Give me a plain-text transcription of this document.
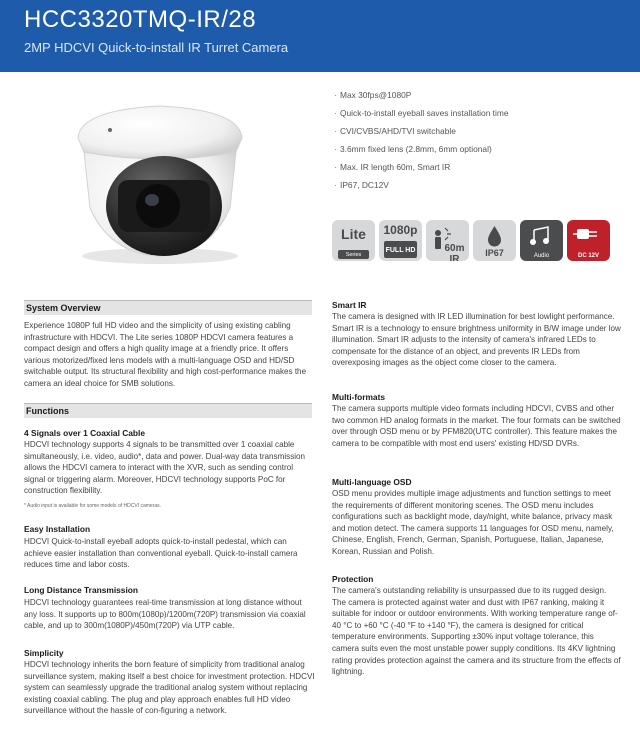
HCC3320TMQ-IR/28
2MP HDCVI Quick-to-install IR Turret Camera
· Max 30fps@1080P
· Quick-to-install eyeball saves installation time
· CVI/CVBS/AHD/TVI switchable
· 3.6mm fixed lens (2.8mm, 6mm optional)
· Max. IR length 60m, Smart IR
· IP67, DC12V
Lite
Series
1080p
FULL HD	60m IR
IP67	Audio	DC 12V
System Overview

Experience 1080P full HD video and the simplicity of using existing cabling infrastructure with HDCVI. The Lite series 1080P HDCVI camera features a compact design and offers a high quality image at a friendly price. It offers various motorized/fixed lens models with a multi-language OSD and HD/SD switchable output. Its structural flexibility and high cost-performance makes the camera an ideal choice for SMB solutions.

Functions
4 Signals over 1 Coaxial Cable

HDCVI technology supports 4 signals to be transmitted over 1 coaxial cable simultaneously, i.e. video, audio*, data and power. Dual-way data transmission allows the HDCVI camera to interact with the XVR, such as sending control signal or triggering alarm. Moreover, HDCVI technology supports PoC for construction flexibility.

* Audio input is available for some models of HDCVI cameras.
Easy Installation

HDCVI Quick-to-install eyeball adopts quick-to-install pedestal, which can achieve easier installation than conventional eyeball. Quick-to-install camera reduces time and labor costs.

Long Distance Transmission

HDCVI technology guarantees real-time transmission at long distance without any loss. It supports up to 800m(1080p)/1200m(720P) transmission via coaxial cable, and up to 300m(1080P)/450m(720P) via UTP cable.

Simplicity

HDCVI technology inherits the born feature of simplicity from traditional analog surveillance system, making itself a best choice for investment protection. HDCVI system can seamlessly upgrade the traditional analog system without replacing existing coaxial cabling. The plug and play approach enables full HD video surveillance without the hassle of con-figuring a network.

Smart IR

The camera is designed with IR LED illumination for best lowlight performance. Smart IR is a technology to ensure brightness uniformity in B/W image under low illumination. Smart IR adjusts to the intensity of camera's infrared LEDs to compensate for the distance of an object, and prevents IR LEDs from overexposing images as the object come closer to the camera.

Multi-formats

The camera supports multiple video formats including HDCVI, CVBS and other two common HD analog formats in the market. The four formats can be switched over through OSD menu or by PFM820(UTC controller). This feature makes the camera to be compatible with most end users' existing HD/SD DVRs.

Multi-language OSD

OSD menu provides multiple image adjustments and function settings to meet the requirements of different monitoring scenes. The OSD menu includes configurations such as backlight mode, day/night, white balance, privacy mask and motion detect. The camera supports 11 languages for OSD menu, namely, Chinese, English, French, German, Spanish, Portuguese, Italian, Japanese, Korean, Russian and Polish.

Protection

The camera's outstanding reliability is unsurpassed due to its rugged design. The camera is protected against water and dust with IP67 ranking, making it suitable for indoor or outdoor environments. With working temperature range of-40 °C to +60 °C (-40 °F to +140 °F), the camera is designed for critical temperature environments. Supporting ±30% input voltage tolerance, this camera suits even the most unstable power supply conditions. Its 4KV lightning rating provides protection against the camera and its structure from the effects of lightning.
